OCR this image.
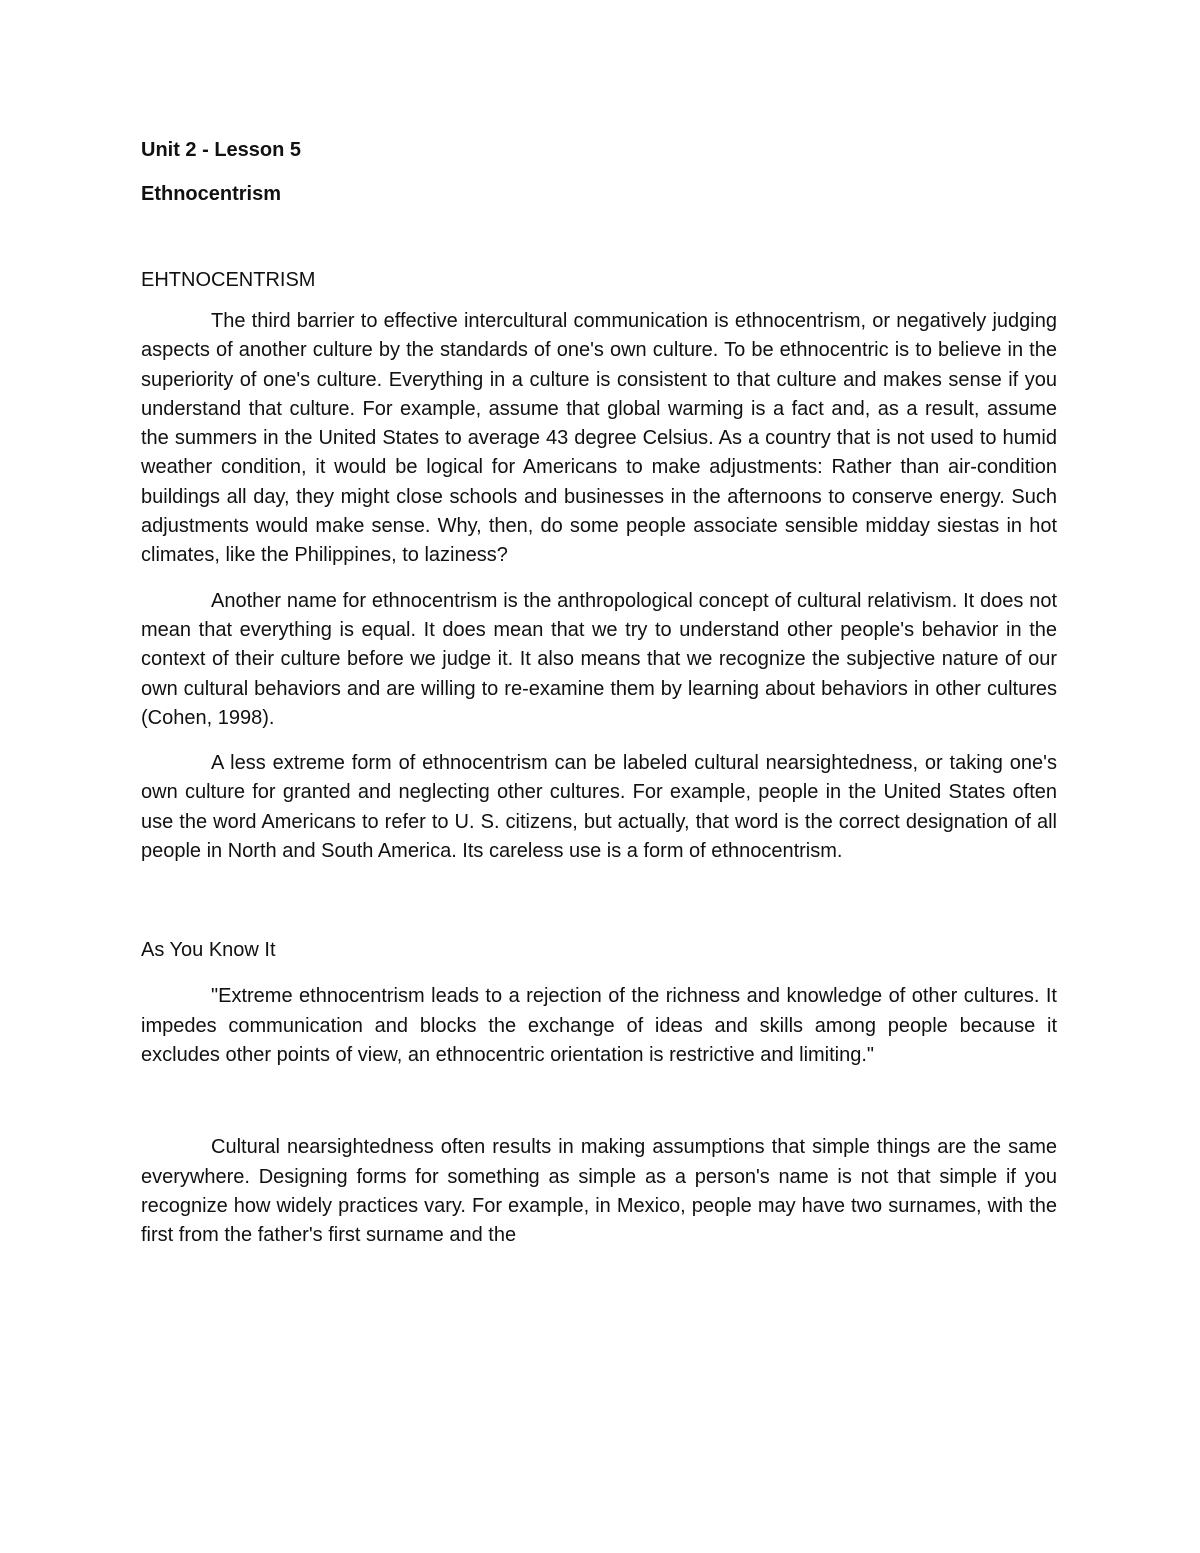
Unit 2 - Lesson 5

Ethnocentrism

EHTNOCENTRISM

The third barrier to effective intercultural communication is ethnocentrism, or negatively judging aspects of another culture by the standards of one's own culture. To be ethnocentric is to believe in the superiority of one's culture. Everything in a culture is consistent to that culture and makes sense if you understand that culture. For example, assume that global warming is a fact and, as a result, assume the summers in the United States to average 43 degree Celsius. As a country that is not used to humid weather condition, it would be logical for Americans to make adjustments: Rather than air-condition buildings all day, they might close schools and businesses in the afternoons to conserve energy. Such adjustments would make sense. Why, then, do some people associate sensible midday siestas in hot climates, like the Philippines, to laziness?

Another name for ethnocentrism is the anthropological concept of cultural relativism. It does not mean that everything is equal. It does mean that we try to understand other people's behavior in the context of their culture before we judge it. It also means that we recognize the subjective nature of our own cultural behaviors and are willing to re-examine them by learning about behaviors in other cultures (Cohen, 1998).

A less extreme form of ethnocentrism can be labeled cultural nearsightedness, or taking one's own culture for granted and neglecting other cultures. For example, people in the United States often use the word Americans to refer to U. S. citizens, but actually, that word is the correct designation of all people in North and South America. Its careless use is a form of ethnocentrism.

As You Know It

"Extreme ethnocentrism leads to a rejection of the richness and knowledge of other cultures. It impedes communication and blocks the exchange of ideas and skills among people because it excludes other points of view, an ethnocentric orientation is restrictive and limiting."

Cultural nearsightedness often results in making assumptions that simple things are the same everywhere. Designing forms for something as simple as a person's name is not that simple if you recognize how widely practices vary. For example, in Mexico, people may have two surnames, with the first from the father's first surname and the
